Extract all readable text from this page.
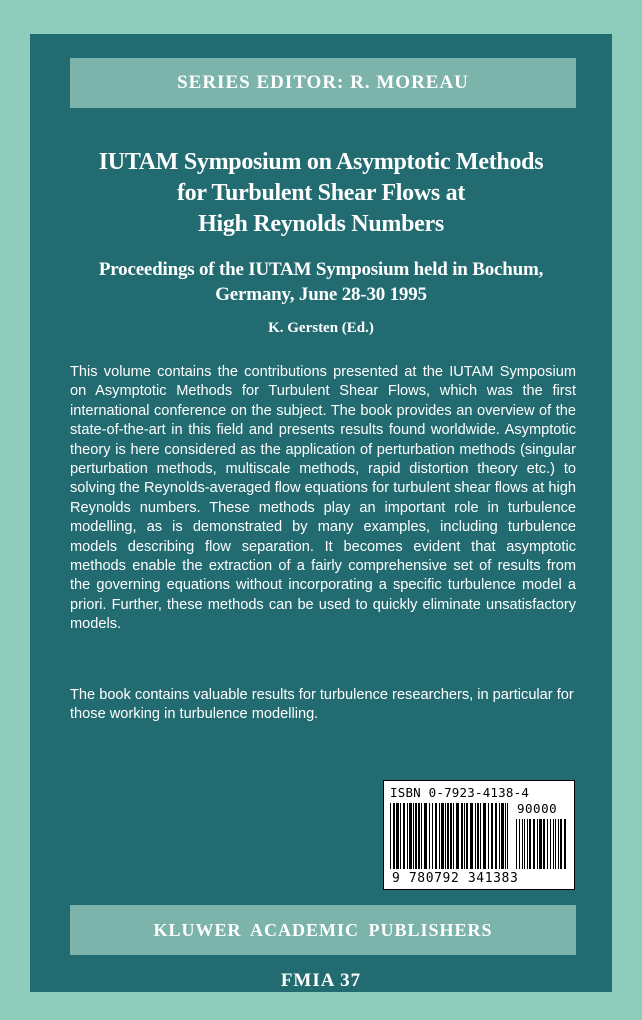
SERIES EDITOR: R. MOREAU
IUTAM Symposium on Asymptotic Methods
for Turbulent Shear Flows at
High Reynolds Numbers
Proceedings of the IUTAM Symposium held in Bochum,
Germany, June 28-30 1995
K. Gersten (Ed.)

This volume contains the contributions presented at the IUTAM Symposium on Asymptotic Methods for Turbulent Shear Flows, which was the first international conference on the subject. The book provides an overview of the state-of-the-art in this field and presents results found worldwide. Asymptotic theory is here considered as the application of perturbation methods (singular perturbation methods, multiscale methods, rapid distortion theory etc.) to solving the Reynolds-averaged flow equations for turbulent shear flows at high Reynolds numbers. These methods play an important role in turbulence modelling, as is demonstrated by many examples, including turbulence models describing flow separation. It becomes evident that asymptotic methods enable the extraction of a fairly comprehensive set of results from the governing equations without incorporating a specific turbulence model a priori. Further, these methods can be used to quickly eliminate unsatisfactory models.

The book contains valuable results for turbulence researchers, in particular for those working in turbulence modelling.

ISBN 0-7923-4138-4
90000
9 780792 341383
KLUWER ACADEMIC PUBLISHERS
FMIA 37
